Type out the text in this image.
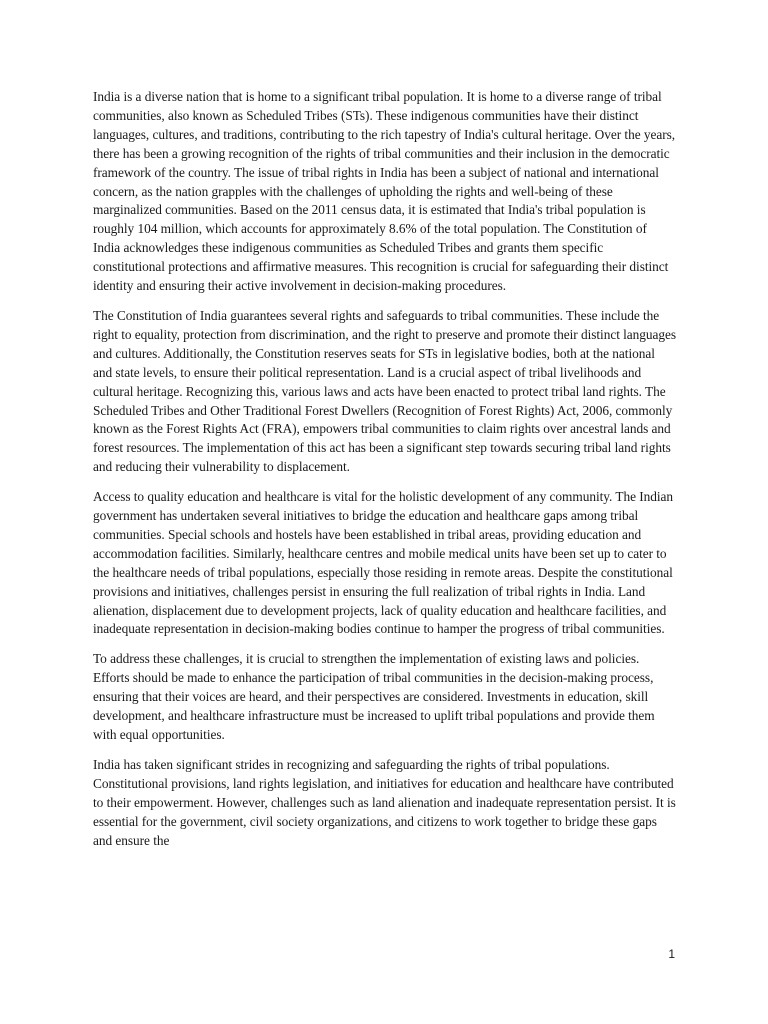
India is a diverse nation that is home to a significant tribal population. It is home to a diverse range of tribal communities, also known as Scheduled Tribes (STs). These indigenous communities have their distinct languages, cultures, and traditions, contributing to the rich tapestry of India's cultural heritage. Over the years, there has been a growing recognition of the rights of tribal communities and their inclusion in the democratic framework of the country. The issue of tribal rights in India has been a subject of national and international concern, as the nation grapples with the challenges of upholding the rights and well-being of these marginalized communities. Based on the 2011 census data, it is estimated that India's tribal population is roughly 104 million, which accounts for approximately 8.6% of the total population. The Constitution of India acknowledges these indigenous communities as Scheduled Tribes and grants them specific constitutional protections and affirmative measures. This recognition is crucial for safeguarding their distinct identity and ensuring their active involvement in decision-making procedures.

The Constitution of India guarantees several rights and safeguards to tribal communities. These include the right to equality, protection from discrimination, and the right to preserve and promote their distinct languages and cultures. Additionally, the Constitution reserves seats for STs in legislative bodies, both at the national and state levels, to ensure their political representation. Land is a crucial aspect of tribal livelihoods and cultural heritage. Recognizing this, various laws and acts have been enacted to protect tribal land rights. The Scheduled Tribes and Other Traditional Forest Dwellers (Recognition of Forest Rights) Act, 2006, commonly known as the Forest Rights Act (FRA), empowers tribal communities to claim rights over ancestral lands and forest resources. The implementation of this act has been a significant step towards securing tribal land rights and reducing their vulnerability to displacement.

Access to quality education and healthcare is vital for the holistic development of any community. The Indian government has undertaken several initiatives to bridge the education and healthcare gaps among tribal communities. Special schools and hostels have been established in tribal areas, providing education and accommodation facilities. Similarly, healthcare centres and mobile medical units have been set up to cater to the healthcare needs of tribal populations, especially those residing in remote areas. Despite the constitutional provisions and initiatives, challenges persist in ensuring the full realization of tribal rights in India. Land alienation, displacement due to development projects, lack of quality education and healthcare facilities, and inadequate representation in decision-making bodies continue to hamper the progress of tribal communities.

To address these challenges, it is crucial to strengthen the implementation of existing laws and policies. Efforts should be made to enhance the participation of tribal communities in the decision-making process, ensuring that their voices are heard, and their perspectives are considered. Investments in education, skill development, and healthcare infrastructure must be increased to uplift tribal populations and provide them with equal opportunities.

India has taken significant strides in recognizing and safeguarding the rights of tribal populations. Constitutional provisions, land rights legislation, and initiatives for education and healthcare have contributed to their empowerment. However, challenges such as land alienation and inadequate representation persist. It is essential for the government, civil society organizations, and citizens to work together to bridge these gaps and ensure the

1
